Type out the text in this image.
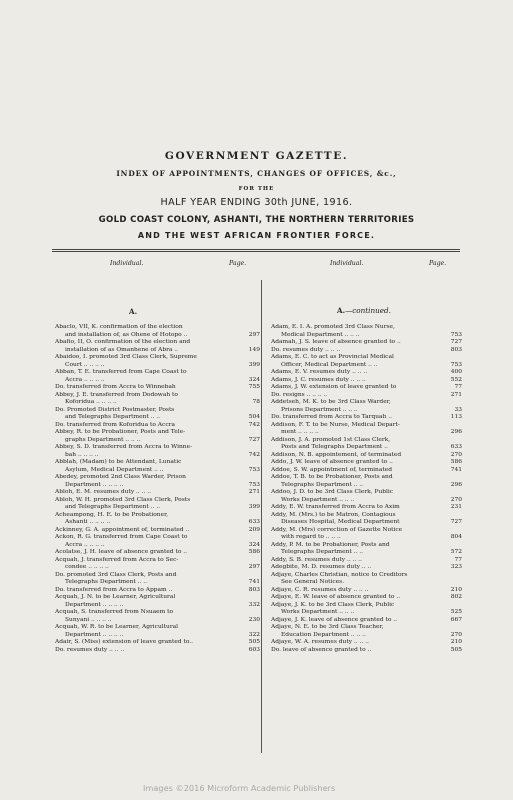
GOVERNMENT GAZETTE.
INDEX OF APPOINTMENTS, CHANGES OF OFFICES, &c.,
FOR THE
HALF YEAR ENDING 30th JUNE, 1916.
GOLD COAST COLONY, ASHANTI, THE NORTHERN TERRITORIES
AND THE WEST AFRICAN FRONTIER FORCE.
Individual.	Page.	Individual.	Page.
A.	A.—continued.
Abaclo, VII, K. confirmation of the election
and installation of, as Ohene of Hotopo ..	297
Abafio, II, O. confirmation of the election and
installation of as Omanhene of Abra ..	149
Abaidoo, I. promoted 3rd Class Clerk, Supreme
Court .. .. .. ..	399
Abban, T. E. transferred from Cape Coast to
Accra .. .. .. ..	324
Do. transferred from Accra to Winnebah	755
Abbey, J. E. transferred from Dodowah to
Koforidua .. .. .. ..	78
Do. Promoted District Postmaster, Posts
and Telegraphs Department .. ..	504
Do. transferred from Koforidua to Accra	742
Abbey, R. to be Probationer, Posts and Tele-
graphs Department .. .. ..	727
Abbey, S. D. transferred from Accra to Winne-
bah .. .. .. ..	742
Abblah, (Madam) to be Attendant, Lunatic
Asylum, Medical Department .. ..	753
Abedey, promoted 2nd Class Warder, Prison
Department .. .. .. ..	753
Abloh, E. M. resumes duty .. .. ..	271
Abloh, W. H. promoted 3rd Class Clerk, Posts
and Telegraphs Department .. ..	399
Acheampong, H. E. to be Probationer,
Ashanti .. .. .. ..	633
Ackinney, G. A. appointment of, terminated ..	209
Ackon, R. G. transferred from Cape Coast to
Accra .. .. .. ..	324
Acolatse, J. H. leave of absence granted to ..	586
Acquah, J. transferred from Accra to Sec-
condee .. .. .. ..	297
Do. promoted 3rd Class Clerk, Posts and
Telegraphs Department .. ..	741
Do. transferred from Accra to Appam ..	803
Acquah, J. N. to be Learner, Agricultural
Department .. .. .. ..	332
Acquah, S. transferred from Nsuaem to
Sunyani .. .. .. ..	230
Acquah, W. R. to be Learner, Agricultural
Department .. .. .. ..	322
Adair, S. (Miss) extension of leave granted to..	505
Do. resumes duty .. .. ..	603
Adam, E. I. A. promoted 3rd Class Nurse,
Medical Department .. .. ..	753
Adamah, J. S. leave of absence granted to ..	727
Do. resumes duty .. .. ..	803
Adams, E. C. to act as Provincial Medical
Officer, Medical Department .. ..	753
Adams, E. V. resumes duty .. .. ..	400
Adams, J. C. resumes duty .. .. ..	552
Adams, J. W. extension of leave granted to	77
Do. resigns .. .. .. ..	271
Addetseh, M. K. to be 3rd Class Warder,
Prisons Department .. .. ..	33
Do. transferred from Accra to Tarquah ..	113
Addison, F. T. to be Nurse, Medical Depart-
ment .. .. .. ..	296
Addison, J. A. promoted 1st Class Clerk,
Posts and Telegraphs Department ..	633
Addison, N. B. appointement, of terminated	270
Addo, J. W. leave of absence granted to ..	586
Addoe, S. W. appointment of, terminated	741
Addoe, T. B. to be Probationer, Posts and
Telegraphs Department .. ..	296
Addoo, J. D. to be 3rd Class Clerk, Public
Works Department .. .. ..	270
Addy, E. W. transferred from Accra to Axim	231
Addy, M. (Mrs.) to be Matron, Contagious
Diseases Hospital, Medical Department	727
Addy, M. (Mrs) correction of Gazette Notice
with regard to .. .. ..	804
Addy, P. M. to be Probationer, Posts and
Telegraphs Department .. ..	572
Addy, S. B. resumes duty .. .. ..	77
Adegbite, M. D. resumes duty .. ..	323
Adjaye, Charles Christian, notice to Creditors
See General Notices.
Adjaye, C. R. resumes duty .. .. ..	210
Adjaye, E. W. leave of absence granted to ..	802
Adjaye, J. K. to be 3rd Class Clerk, Public
Works Department .. .. ..	525
Adjaye, J. K. leave of absence granted to ..	667
Adjaye, N. E. to be 3rd Class Teacher,
Education Department .. .. ..	270
Adjaye, W. A. resumes duty .. .. ..	210
Do. leave of absence granted to ..	505
Images ©2016 Microform Academic Publishers
